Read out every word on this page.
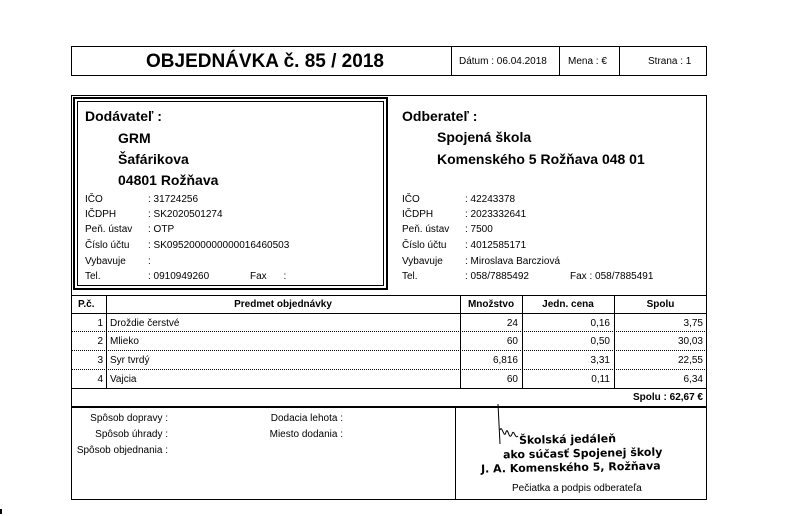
OBJEDNÁVKA č. 85 / 2018	Dátum : 06.04.2018 Mena : €	Strana : 1
Dodávateľ :
GRM
Šafárikova
04801 Rožňava
IČO	: 31724256
IČDPH	: SK2020501274
Peň. ústav : OTP
Číslo účtu : SK0952000000000016460503
Vybavuje :
Tel.	: 0910949260	Fax :
Odberateľ :
Spojená škola
Komenského 5 Rožňava 048 01
IČO	: 42243378
IČDPH	: 2023332641
Peň. ústav : 7500
Číslo účtu : 4012585171
Vybavuje : Miroslava Barcziová
Tel.	: 058/7885492	Fax : 058/7885491
P.č.	Predmet objednávky	Množstvo	Jedn. cena	Spolu
1 Droždie čerstvé	24	0,16	3,75
2 Mlieko	60	0,50	30,03
3 Syr tvrdý	6,816	3,31	22,55
4 Vajcia	60	0,11	6,34
Spolu : 62,67 €
Spôsob dopravy :
Spôsob úhrady :
Spôsob objednania :
Dodacia lehota :
Miesto dodania :	Školská jedáleň
ako súčasť Spojenej školy
J. A. Komenského 5, Rožňava
Pečiatka a podpis odberateľa
